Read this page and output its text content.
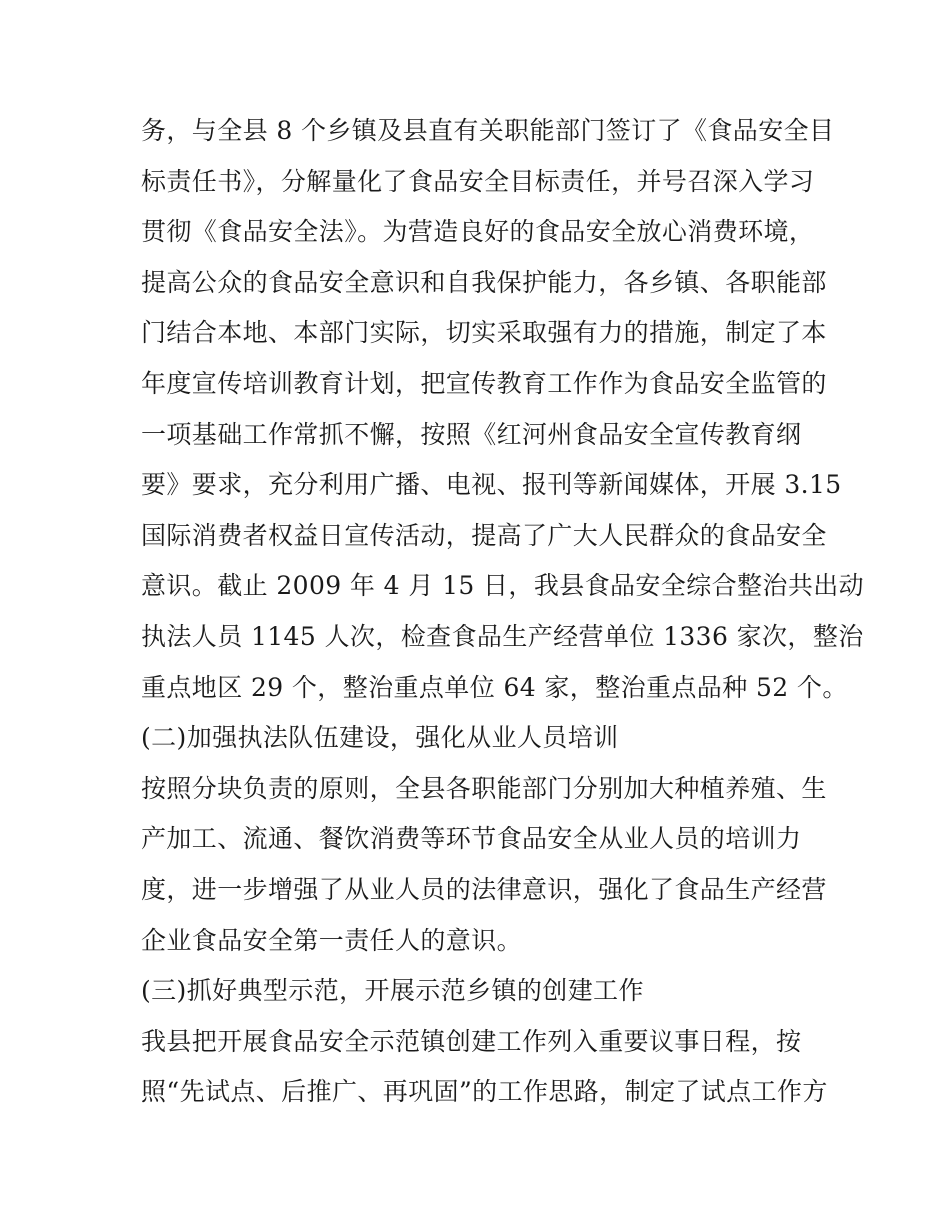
务，与全县 8 个乡镇及县直有关职能部门签订了《食品安全目
标责任书》，分解量化了食品安全目标责任，并号召深入学习
贯彻《食品安全法》。为营造良好的食品安全放心消费环境，
提高公众的食品安全意识和自我保护能力，各乡镇、各职能部
门结合本地、本部门实际，切实采取强有力的措施，制定了本
年度宣传培训教育计划，把宣传教育工作作为食品安全监管的
一项基础工作常抓不懈，按照《红河州食品安全宣传教育纲
要》要求，充分利用广播、电视、报刊等新闻媒体，开展 3.15
国际消费者权益日宣传活动，提高了广大人民群众的食品安全
意识。截止 2009 年 4 月 15 日，我县食品安全综合整治共出动
执法人员 1145 人次，检查食品生产经营单位 1336 家次，整治
重点地区 29 个，整治重点单位 64 家，整治重点品种 52 个。
(二)加强执法队伍建设，强化从业人员培训
按照分块负责的原则，全县各职能部门分别加大种植养殖、生
产加工、流通、餐饮消费等环节食品安全从业人员的培训力
度，进一步增强了从业人员的法律意识，强化了食品生产经营
企业食品安全第一责任人的意识。
(三)抓好典型示范，开展示范乡镇的创建工作
我县把开展食品安全示范镇创建工作列入重要议事日程，按
照“先试点、后推广、再巩固”的工作思路，制定了试点工作方
